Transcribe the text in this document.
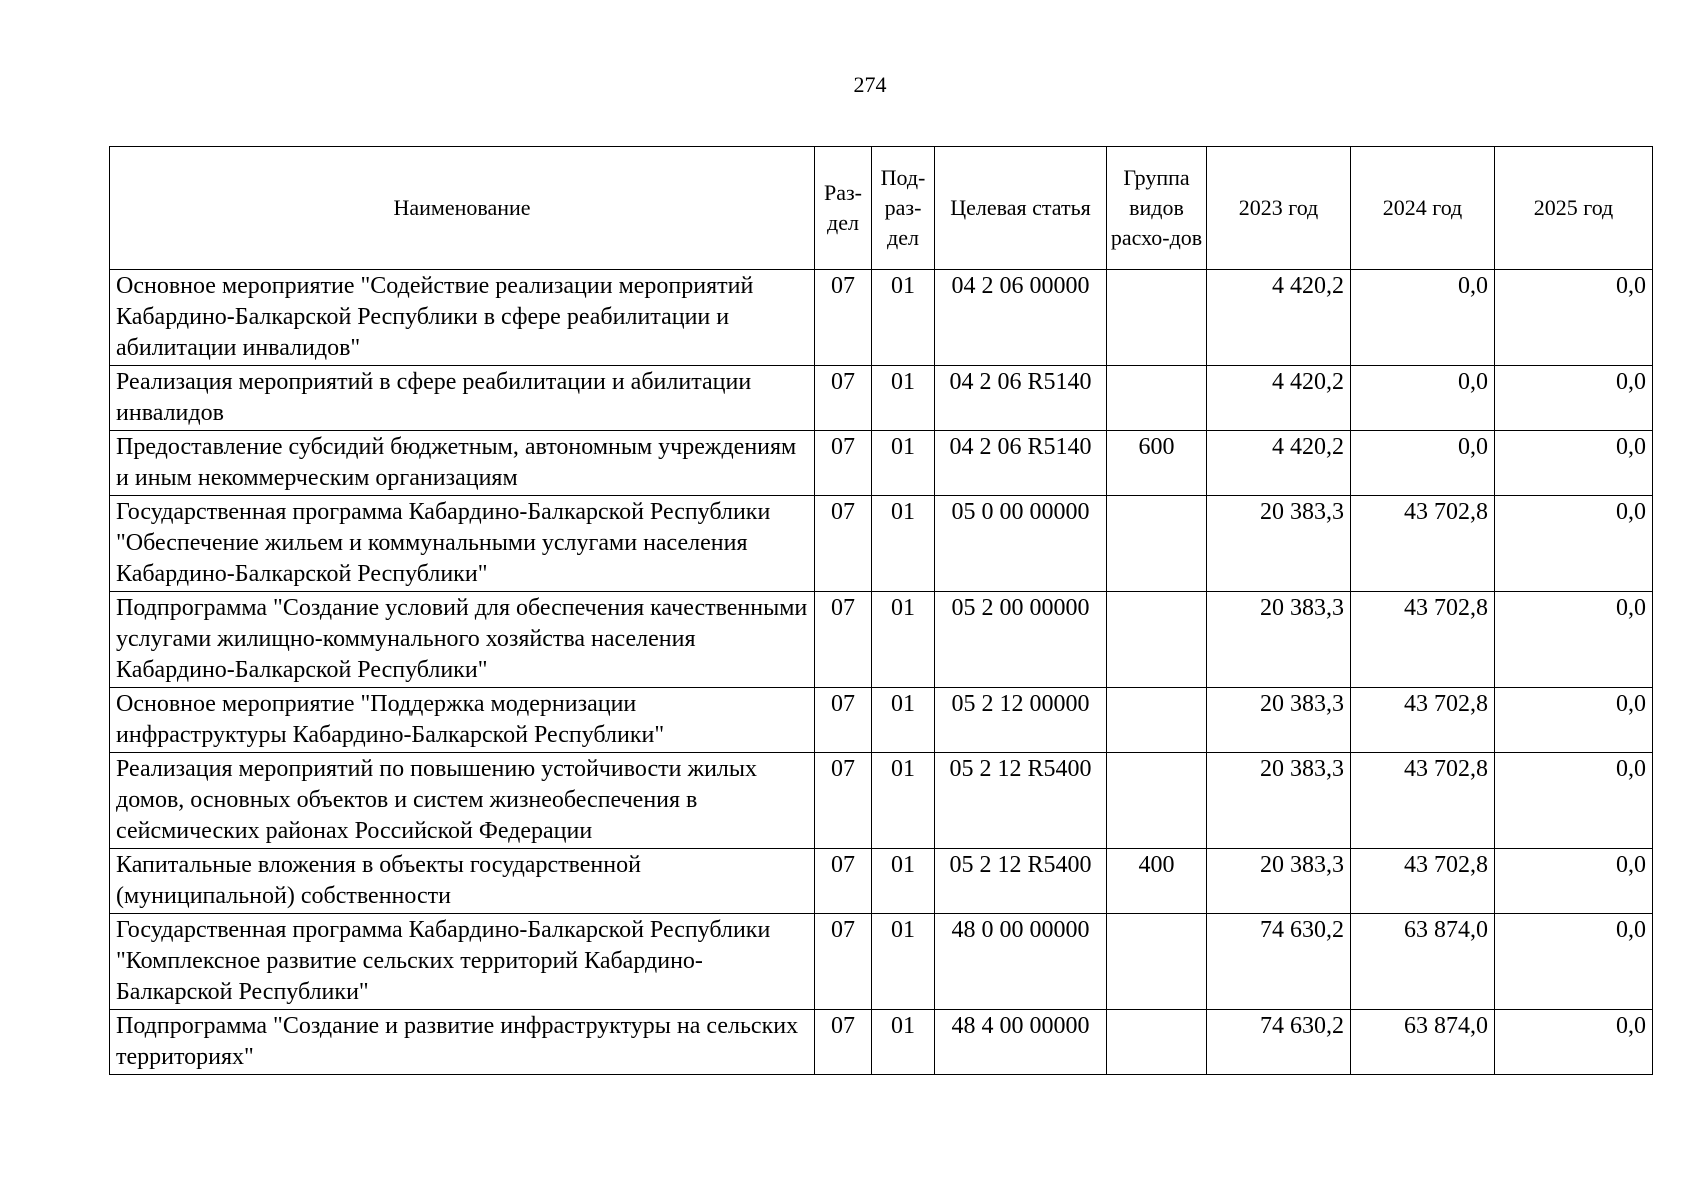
274
Наименование	Раз-дел	Под-раз-дел	Целевая статья	Группа видов расхо-дов	2023 год	2024 год	2025 год
Основное мероприятие "Содействие реализации мероприятий Кабардино-Балкарской Республики в сфере реабилитации и абилитации инвалидов"	07	01	04 2 06 00000		4 420,2	0,0	0,0
Реализация мероприятий в сфере реабилитации и абилитации инвалидов	07	01	04 2 06 R5140		4 420,2	0,0	0,0
Предоставление субсидий бюджетным, автономным учреждениям и иным некоммерческим организациям	07	01	04 2 06 R5140	600	4 420,2	0,0	0,0
Государственная программа Кабардино-Балкарской Республики "Обеспечение жильем и коммунальными услугами населения Кабардино-Балкарской Республики"	07	01	05 0 00 00000		20 383,3	43 702,8	0,0
Подпрограмма "Создание условий для обеспечения качественными услугами жилищно-коммунального хозяйства населения Кабардино-Балкарской Республики"	07	01	05 2 00 00000		20 383,3	43 702,8	0,0
Основное мероприятие "Поддержка модернизации инфраструктуры Кабардино-Балкарской Республики"	07	01	05 2 12 00000		20 383,3	43 702,8	0,0
Реализация мероприятий по повышению устойчивости жилых домов, основных объектов и систем жизнеобеспечения в сейсмических районах Российской Федерации	07	01	05 2 12 R5400		20 383,3	43 702,8	0,0
Капитальные вложения в объекты государственной (муниципальной) собственности	07	01	05 2 12 R5400	400	20 383,3	43 702,8	0,0
Государственная программа Кабардино-Балкарской Республики "Комплексное развитие сельских территорий Кабардино-Балкарской Республики"	07	01	48 0 00 00000		74 630,2	63 874,0	0,0
Подпрограмма "Создание и развитие инфраструктуры на сельских территориях"	07	01	48 4 00 00000		74 630,2	63 874,0	0,0
